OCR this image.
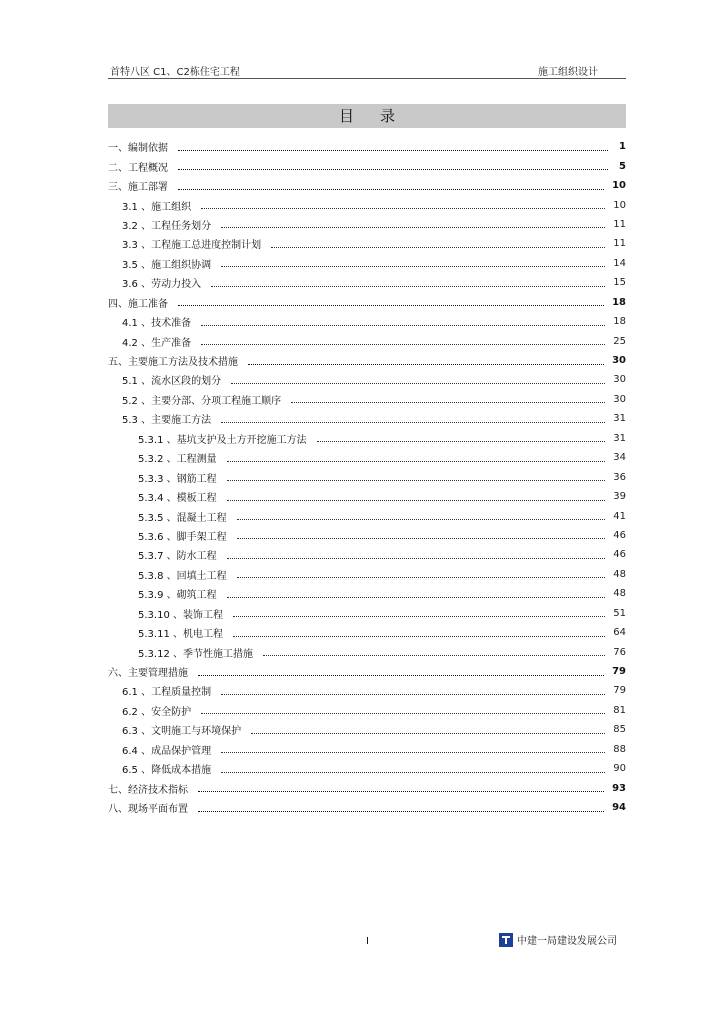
首特八区 C1、C2栋住宅工程	施工组织设计
目录
一、编制依据	1
二、工程概况	5
三、施工部署	10
3.1 、施工组织	10
3.2 、工程任务划分	11
3.3 、工程施工总进度控制计划	11
3.5 、施工组织协调	14
3.6 、劳动力投入	15
四、施工准备	18
4.1 、技术准备	18
4.2 、生产准备	25
五、主要施工方法及技术措施	30
5.1 、流水区段的划分	30
5.2 、主要分部、分项工程施工顺序	30
5.3 、主要施工方法	31
5.3.1 、基坑支护及土方开挖施工方法	31
5.3.2 、工程测量	34
5.3.3 、钢筋工程	36
5.3.4 、模板工程	39
5.3.5 、混凝土工程	41
5.3.6 、脚手架工程	46
5.3.7 、防水工程	46
5.3.8 、回填土工程	48
5.3.9 、砌筑工程	48
5.3.10 、装饰工程	51
5.3.11 、机电工程	64
5.3.12 、季节性施工措施	76
六、主要管理措施	79
6.1 、工程质量控制	79
6.2 、安全防护	81
6.3 、文明施工与环境保护	85
6.4 、成品保护管理	88
6.5 、降低成本措施	90
七、经济技术指标	93
八、现场平面布置	94
I	中建一局建设发展公司
